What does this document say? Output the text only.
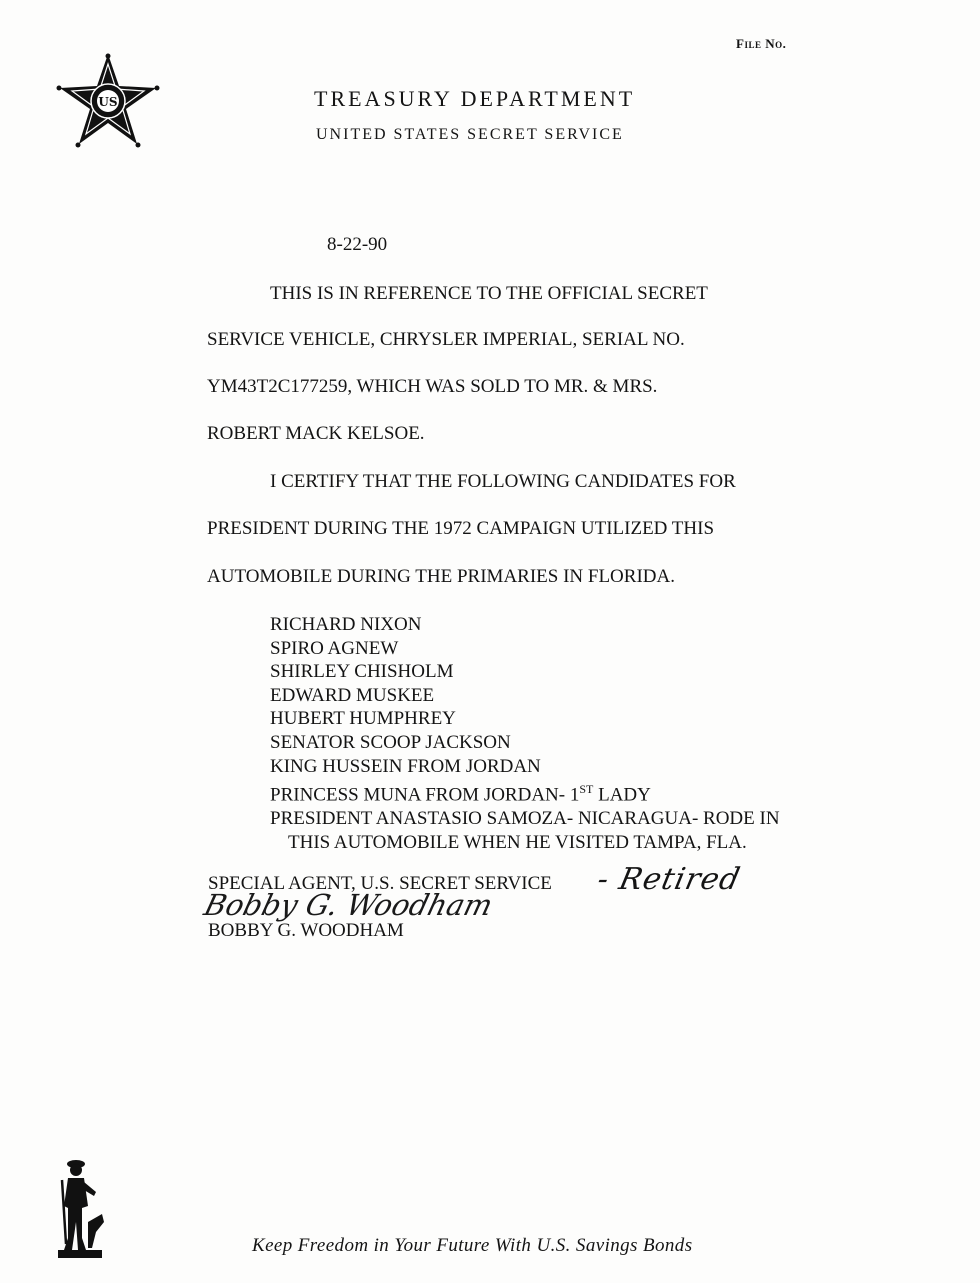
File No.
US	TREASURY DEPARTMENT
UNITED STATES SECRET SERVICE
8-22-90
THIS IS IN REFERENCE TO THE OFFICIAL SECRET
SERVICE VEHICLE, CHRYSLER IMPERIAL, SERIAL NO.
YM43T2C177259, WHICH WAS SOLD TO MR. & MRS.
ROBERT MACK KELSOE.
I CERTIFY THAT THE FOLLOWING CANDIDATES FOR
PRESIDENT DURING THE 1972 CAMPAIGN UTILIZED THIS
AUTOMOBILE DURING THE PRIMARIES IN FLORIDA.
RICHARD NIXON
SPIRO AGNEW
SHIRLEY CHISHOLM
EDWARD MUSKEE
HUBERT HUMPHREY
SENATOR SCOOP JACKSON
KING HUSSEIN FROM JORDAN
PRINCESS MUNA FROM JORDAN- 1ST LADY
PRESIDENT ANASTASIO SAMOZA- NICARAGUA- RODE IN
THIS AUTOMOBILE WHEN HE VISITED TAMPA, FLA.
SPECIAL AGENT, U.S. SECRET SERVICE - Retired
Bobby G. Woodham
BOBBY G. WOODHAM
Keep Freedom in Your Future With U.S. Savings Bonds
